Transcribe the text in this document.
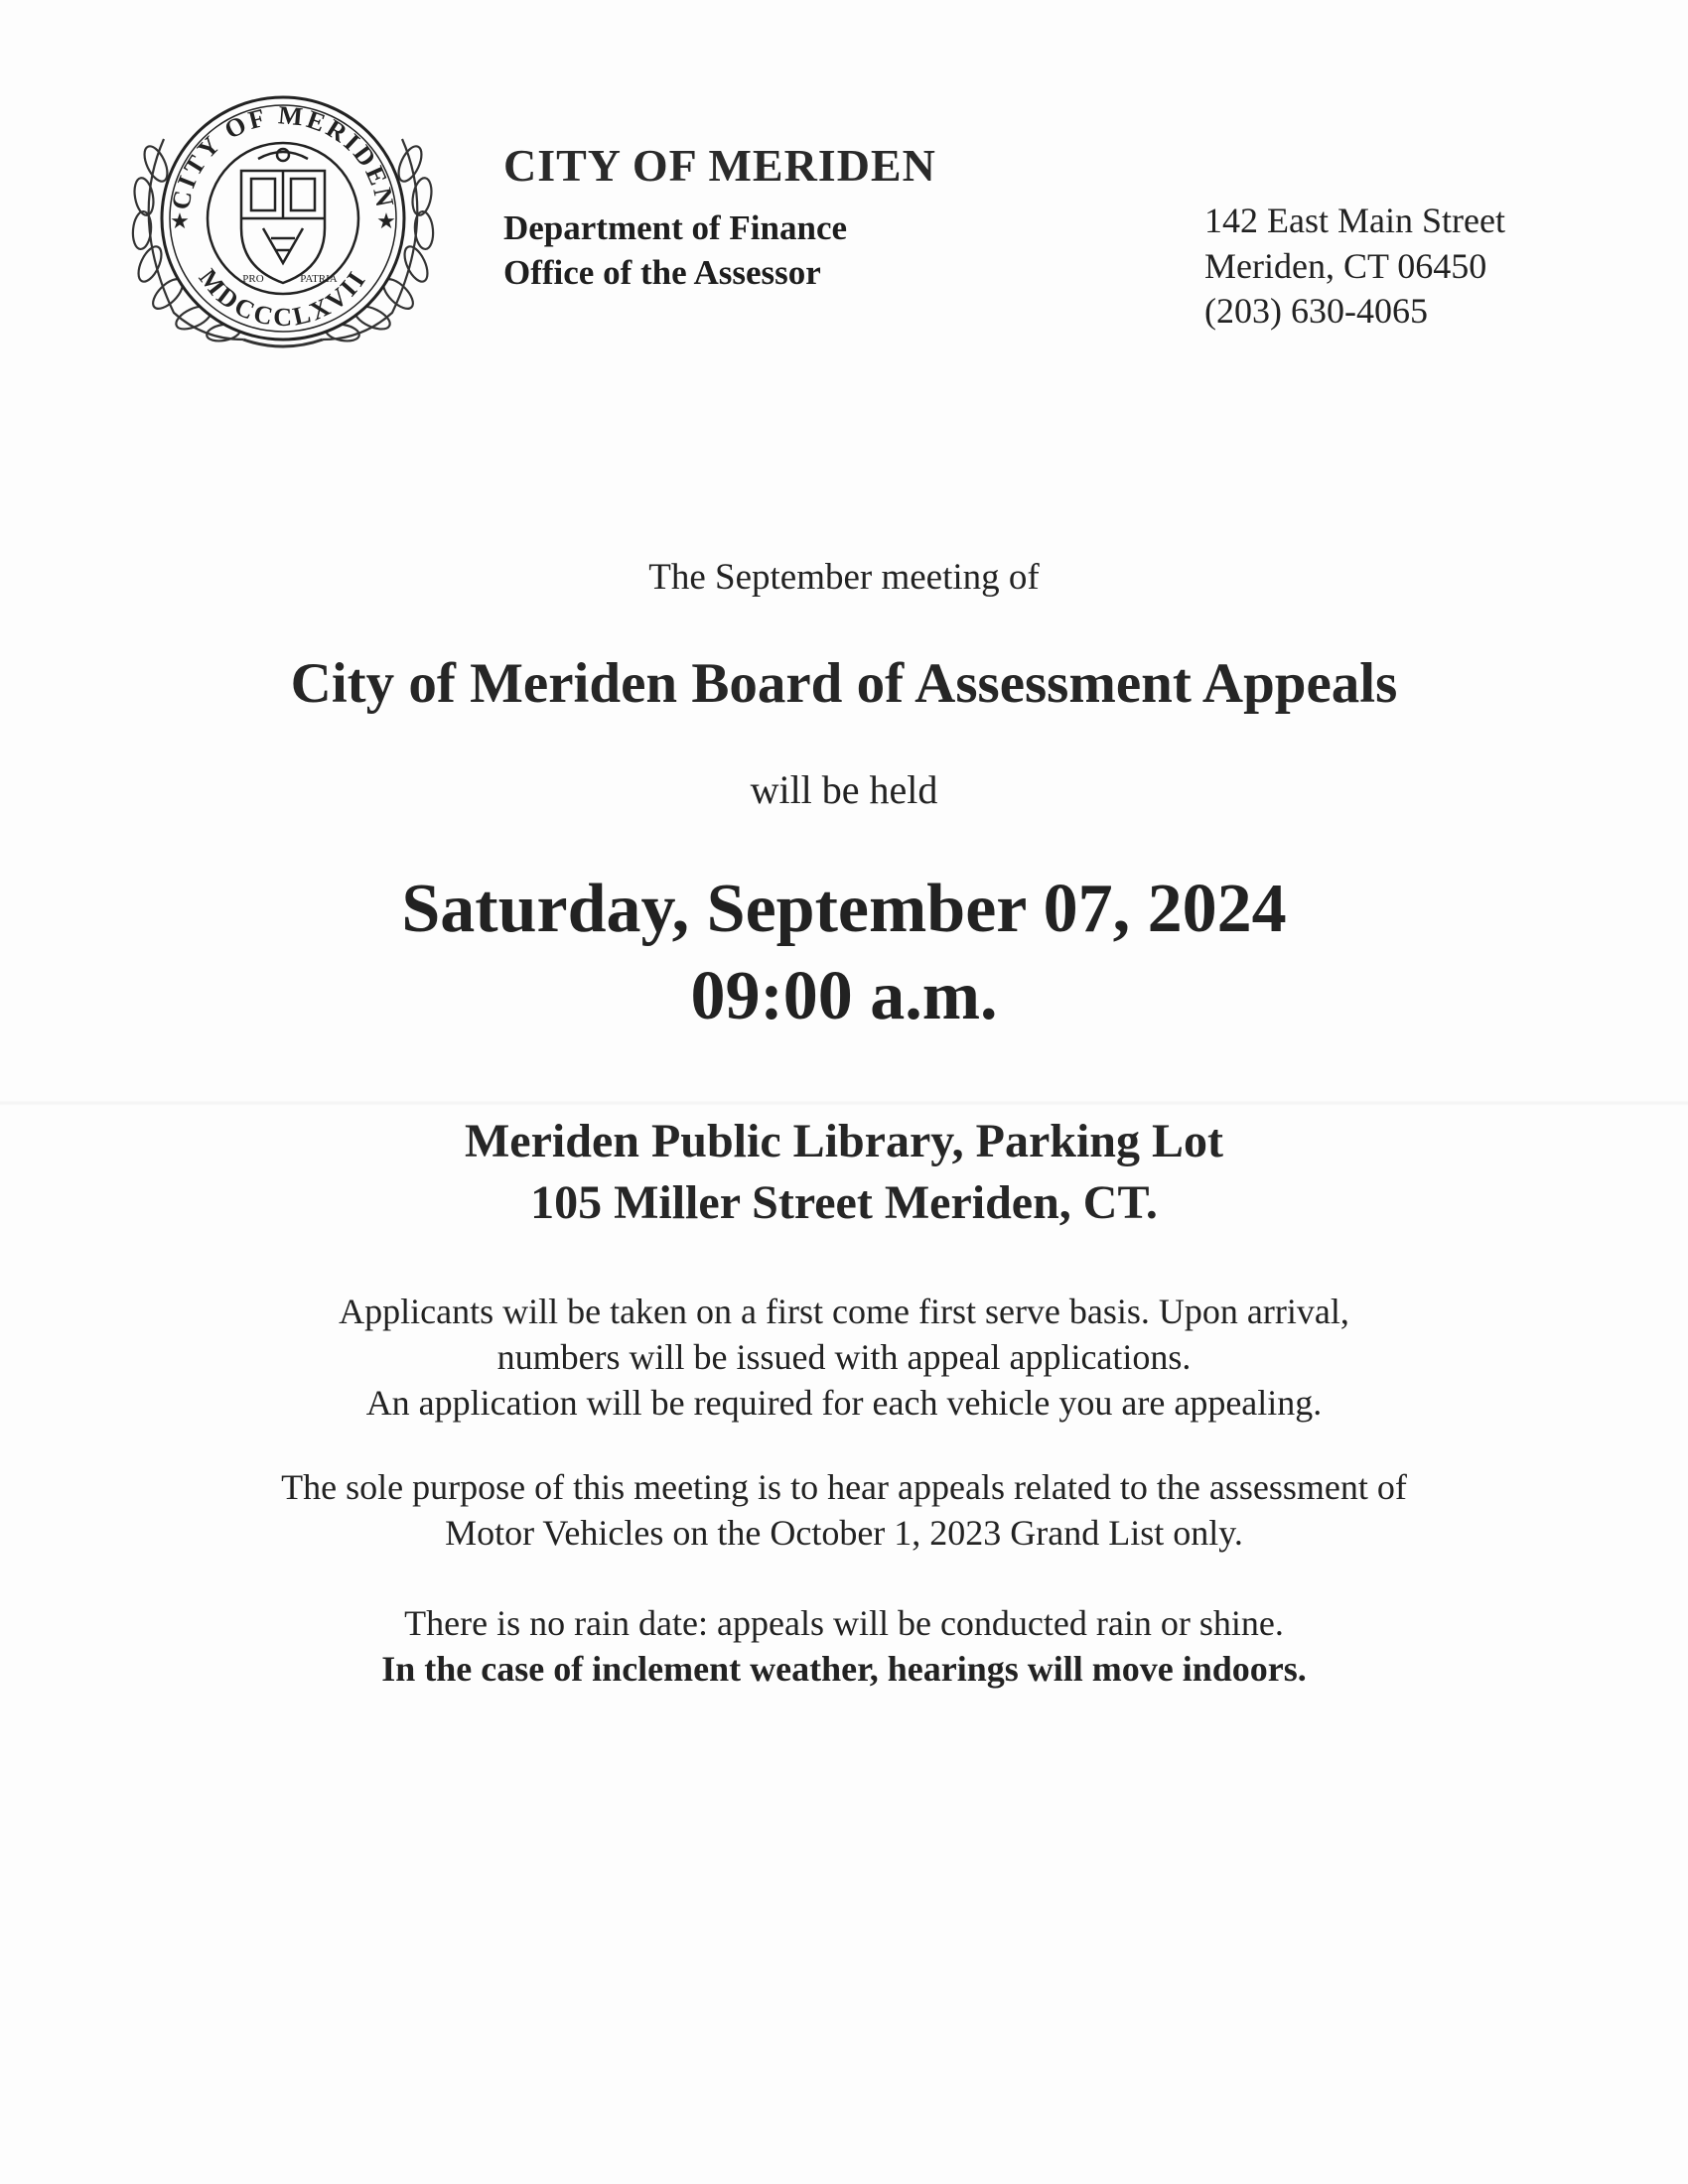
CITY OF MERIDEN
MDCCCLXVII
★	★
PRO	PATRIA
CITY OF MERIDEN
Department of Finance
Office of the Assessor
142 East Main Street
Meriden, CT 06450
(203) 630-4065
The September meeting of
City of Meriden Board of Assessment Appeals
will be held
Saturday, September 07, 2024
09:00 a.m.
Meriden Public Library, Parking Lot
105 Miller Street Meriden, CT.
Applicants will be taken on a first come first serve basis. Upon arrival,
numbers will be issued with appeal applications.
An application will be required for each vehicle you are appealing.
The sole purpose of this meeting is to hear appeals related to the assessment of
Motor Vehicles on the October 1, 2023 Grand List only.
There is no rain date: appeals will be conducted rain or shine.
In the case of inclement weather, hearings will move indoors.
